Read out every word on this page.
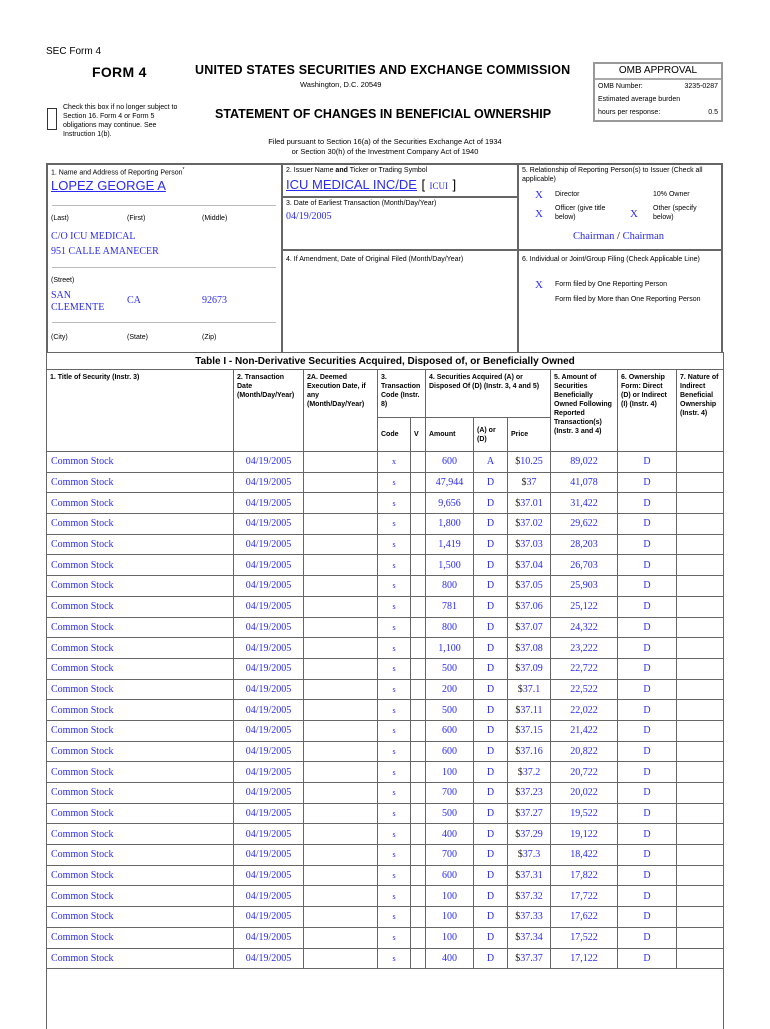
SEC Form 4
FORM 4
Check this box if no longer subject to Section 16. Form 4 or Form 5 obligations may continue. See Instruction 1(b).
UNITED STATES SECURITIES AND EXCHANGE COMMISSION
Washington, D.C. 20549
STATEMENT OF CHANGES IN BENEFICIAL OWNERSHIP
Filed pursuant to Section 16(a) of the Securities Exchange Act of 1934
or Section 30(h) of the Investment Company Act of 1940
OMB APPROVAL
OMB Number:	3235-0287
Estimated average burden
hours per response:	0.5
1. Name and Address of Reporting Person*
LOPEZ GEORGE A
(Last)	(First)	(Middle)
C/O ICU MEDICAL
951 CALLE AMANECER
(Street)
SAN CLEMENTE
CA	92673
(City)	(State)	(Zip)
2. Issuer Name and Ticker or Trading Symbol
ICU MEDICAL INC/DE [ ICUI ]
3. Date of Earliest Transaction (Month/Day/Year)
04/19/2005
4. If Amendment, Date of Original Filed (Month/Day/Year)
5. Relationship of Reporting Person(s) to Issuer (Check all applicable)
X Director	10% Owner
X Officer (give title below)	X Other (specify below)
Chairman / Chairman
6. Individual or Joint/Group Filing (Check Applicable Line)
X Form filed by One Reporting Person
Form filed by More than One Reporting Person
Table I - Non-Derivative Securities Acquired, Disposed of, or Beneficially Owned										
1. Title of Security (Instr. 3)	2. Transaction Date (Month/Day/Year)	2A. Deemed Execution Date, if any (Month/Day/Year)	3. Transaction Code (Instr. 8)		4. Securities Acquired (A) or Disposed Of (D) (Instr. 3, 4 and 5)			5. Amount of Securities Beneficially Owned Following Reported Transaction(s) (Instr. 3 and 4)	6. Ownership Form: Direct (D) or Indirect (I) (Instr. 4)	7. Nature of Indirect Beneficial Ownership (Instr. 4)
			Code	V	Amount	(A) or (D)	Price			
Common Stock	04/19/2005		x		600	A	$10.25	89,022	D	
Common Stock	04/19/2005		s		47,944	D	$37	41,078	D	
Common Stock	04/19/2005		s		9,656	D	$37.01	31,422	D	
Common Stock	04/19/2005		s		1,800	D	$37.02	29,622	D	
Common Stock	04/19/2005		s		1,419	D	$37.03	28,203	D	
Common Stock	04/19/2005		s		1,500	D	$37.04	26,703	D	
Common Stock	04/19/2005		s		800	D	$37.05	25,903	D	
Common Stock	04/19/2005		s		781	D	$37.06	25,122	D	
Common Stock	04/19/2005		s		800	D	$37.07	24,322	D	
Common Stock	04/19/2005		s		1,100	D	$37.08	23,222	D	
Common Stock	04/19/2005		s		500	D	$37.09	22,722	D	
Common Stock	04/19/2005		s		200	D	$37.1	22,522	D	
Common Stock	04/19/2005		s		500	D	$37.11	22,022	D	
Common Stock	04/19/2005		s		600	D	$37.15	21,422	D	
Common Stock	04/19/2005		s		600	D	$37.16	20,822	D	
Common Stock	04/19/2005		s		100	D	$37.2	20,722	D	
Common Stock	04/19/2005		s		700	D	$37.23	20,022	D	
Common Stock	04/19/2005		s		500	D	$37.27	19,522	D	
Common Stock	04/19/2005		s		400	D	$37.29	19,122	D	
Common Stock	04/19/2005		s		700	D	$37.3	18,422	D	
Common Stock	04/19/2005		s		600	D	$37.31	17,822	D	
Common Stock	04/19/2005		s		100	D	$37.32	17,722	D	
Common Stock	04/19/2005		s		100	D	$37.33	17,622	D	
Common Stock	04/19/2005		s		100	D	$37.34	17,522	D	
Common Stock	04/19/2005		s		400	D	$37.37	17,122	D	
